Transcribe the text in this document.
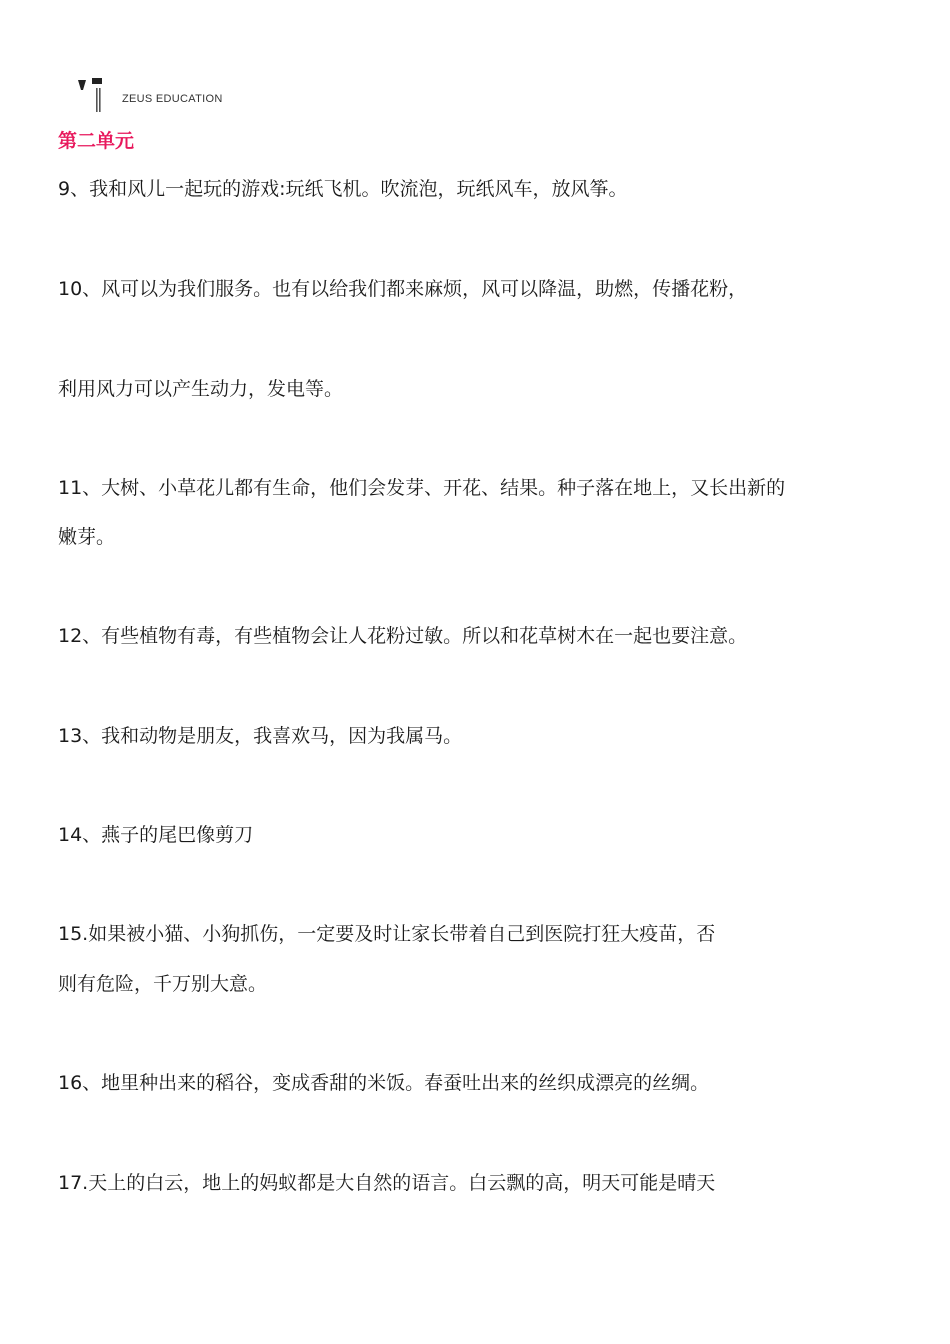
ZEUS EDUCATION
第二单元
9、我和风儿一起玩的游戏:玩纸飞机。吹流泡，玩纸风车，放风筝。
10、风可以为我们服务。也有以给我们都来麻烦，风可以降温，助燃，传播花粉，
利用风力可以产生动力，发电等。
11、大树、小草花儿都有生命，他们会发芽、开花、结果。种子落在地上，又长出新的
嫩芽。
12、有些植物有毒，有些植物会让人花粉过敏。所以和花草树木在一起也要注意。
13、我和动物是朋友，我喜欢马，因为我属马。
14、燕子的尾巴像剪刀
15.如果被小猫、小狗抓伤，一定要及时让家长带着自己到医院打狂大疫苗，否
则有危险，千万别大意。
16、地里种出来的稻谷，变成香甜的米饭。春蚕吐出来的丝织成漂亮的丝绸。
17.天上的白云，地上的妈蚁都是大自然的语言。白云飘的高，明天可能是晴天
